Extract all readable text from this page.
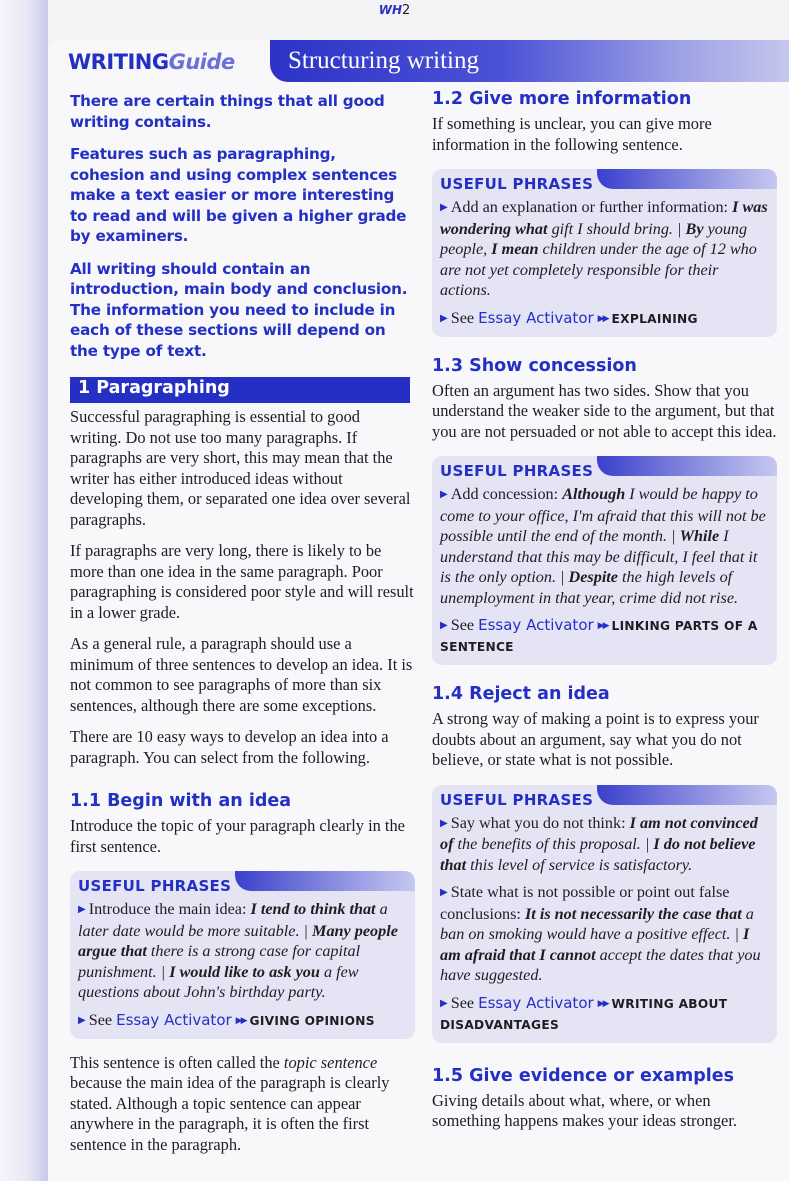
WH2
WRITINGGuide Structuring writing

There are certain things that all good writing contains.

Features such as paragraphing, cohesion and using complex sentences make a text easier or more interesting to read and will be given a higher grade by examiners.

All writing should contain an introduction, main body and conclusion. The information you need to include in each of these sections will depend on the type of text.

1 Paragraphing

Successful paragraphing is essential to good writing. Do not use too many paragraphs. If paragraphs are very short, this may mean that the writer has either introduced ideas without developing them, or separated one idea over several paragraphs.

If paragraphs are very long, there is likely to be more than one idea in the same paragraph. Poor paragraphing is considered poor style and will result in a lower grade.

As a general rule, a paragraph should use a minimum of three sentences to develop an idea. It is not common to see paragraphs of more than six sentences, although there are some exceptions.

There are 10 easy ways to develop an idea into a paragraph. You can select from the following.

1.1 Begin with an idea

Introduce the topic of your paragraph clearly in the first sentence.

USEFUL PHRASES

▶ Introduce the main idea: I tend to think that a later date would be more suitable. | Many people argue that there is a strong case for capital punishment. | I would like to ask you a few questions about John's birthday party.

▶ See Essay Activator ▶▶ GIVING OPINIONS

This sentence is often called the topic sentence because the main idea of the paragraph is clearly stated. Although a topic sentence can appear anywhere in the paragraph, it is often the first sentence in the paragraph.

1.2 Give more information

If something is unclear, you can give more information in the following sentence.

USEFUL PHRASES

▶ Add an explanation or further information: I was wondering what gift I should bring. | By young people, I mean children under the age of 12 who are not yet completely responsible for their actions.

▶ See Essay Activator ▶▶ EXPLAINING

1.3 Show concession

Often an argument has two sides. Show that you understand the weaker side to the argument, but that you are not persuaded or not able to accept this idea.

USEFUL PHRASES

▶ Add concession: Although I would be happy to come to your office, I'm afraid that this will not be possible until the end of the month. | While I understand that this may be difficult, I feel that it is the only option. | Despite the high levels of unemployment in that year, crime did not rise.

▶ See Essay Activator ▶▶ LINKING PARTS OF A SENTENCE

1.4 Reject an idea

A strong way of making a point is to express your doubts about an argument, say what you do not believe, or state what is not possible.

USEFUL PHRASES

▶ Say what you do not think: I am not convinced of the benefits of this proposal. | I do not believe that this level of service is satisfactory.

▶ State what is not possible or point out false conclusions: It is not necessarily the case that a ban on smoking would have a positive effect. | I am afraid that I cannot accept the dates that you have suggested.

▶ See Essay Activator ▶▶ WRITING ABOUT DISADVANTAGES

1.5 Give evidence or examples

Giving details about what, where, or when something happens makes your ideas stronger.
